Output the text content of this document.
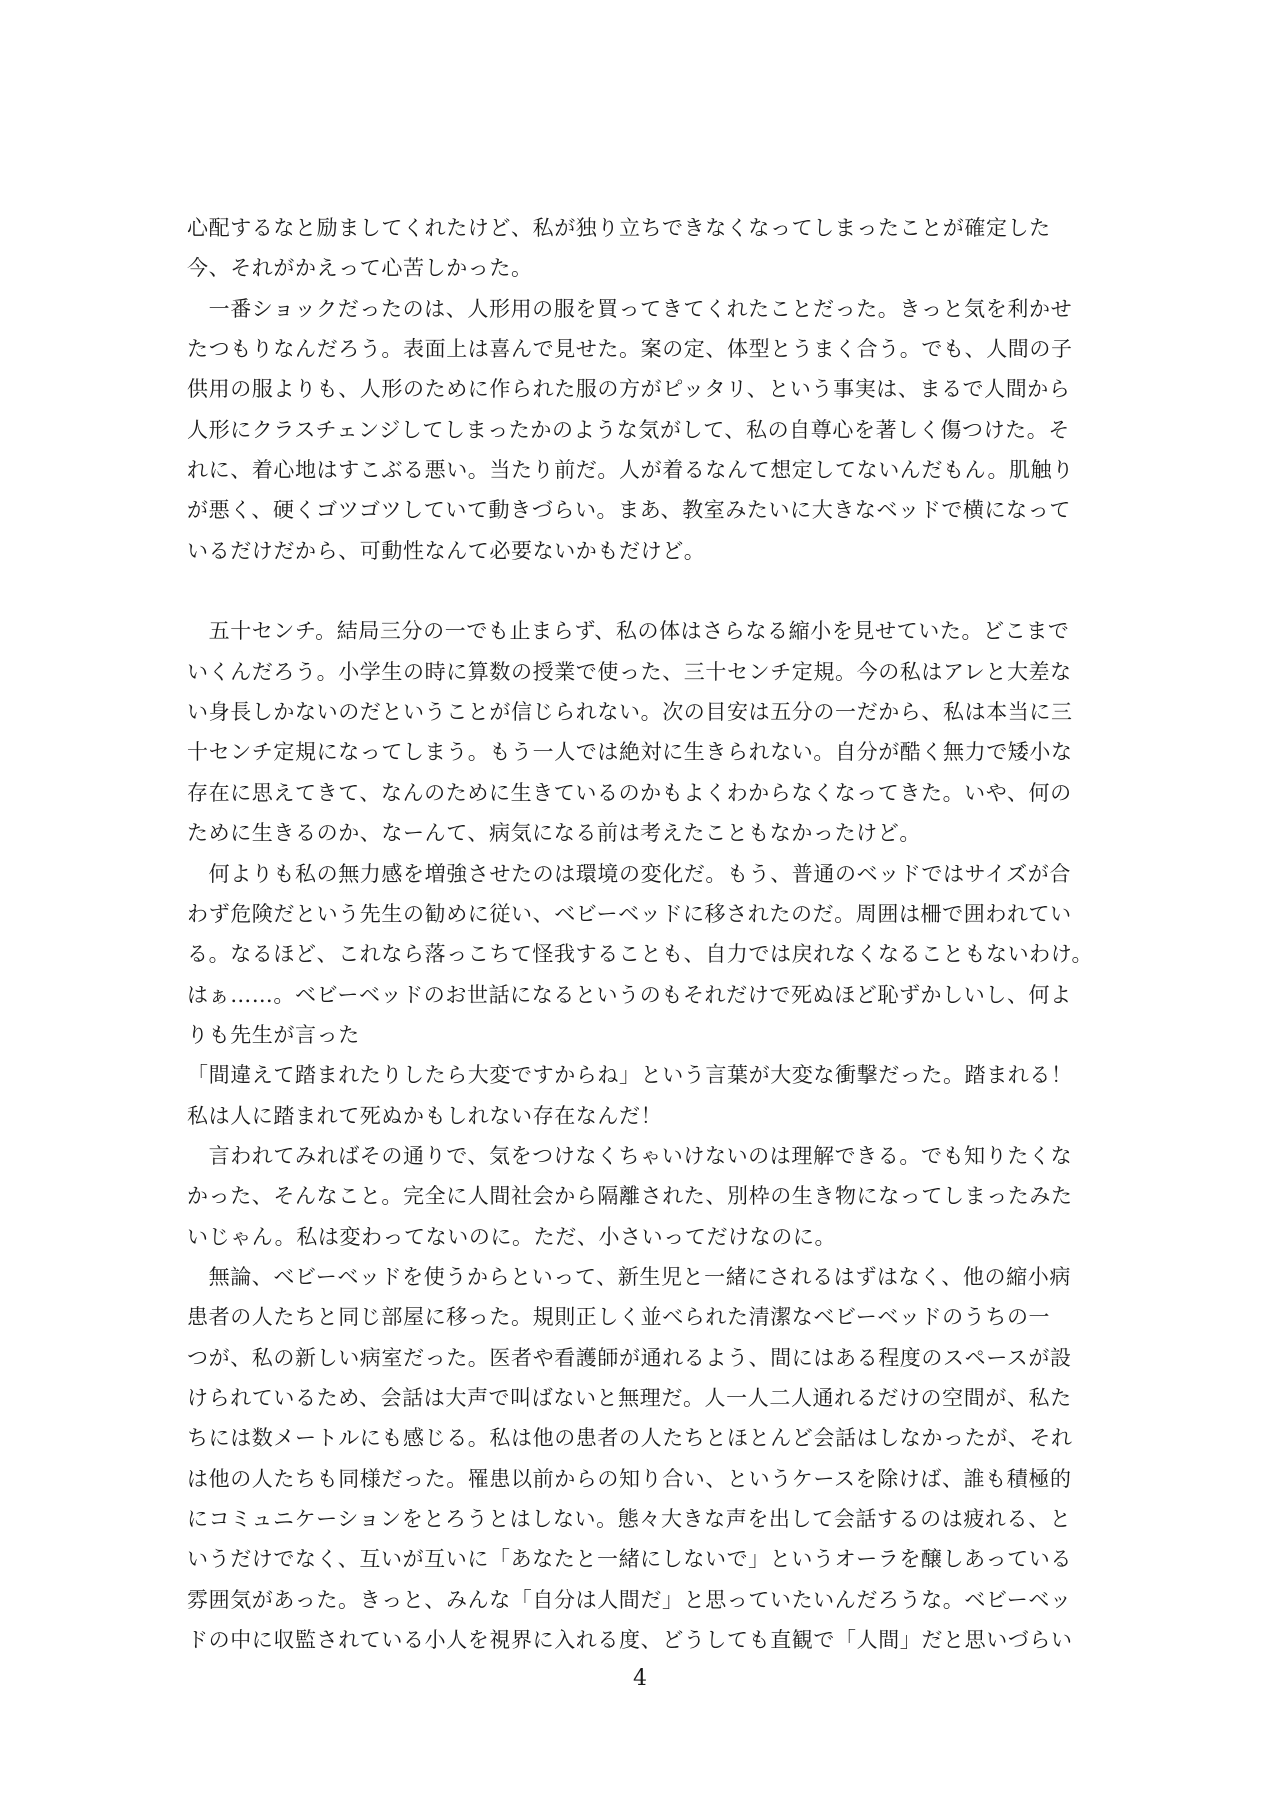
心配するなと励ましてくれたけど、私が独り立ちできなくなってしまったことが確定した
今、それがかえって心苦しかった。
　一番ショックだったのは、人形用の服を買ってきてくれたことだった。きっと気を利かせ
たつもりなんだろう。表面上は喜んで見せた。案の定、体型とうまく合う。でも、人間の子
供用の服よりも、人形のために作られた服の方がピッタリ、という事実は、まるで人間から
人形にクラスチェンジしてしまったかのような気がして、私の自尊心を著しく傷つけた。そ
れに、着心地はすこぶる悪い。当たり前だ。人が着るなんて想定してないんだもん。肌触り
が悪く、硬くゴツゴツしていて動きづらい。まあ、教室みたいに大きなベッドで横になって
いるだけだから、可動性なんて必要ないかもだけど。
　五十センチ。結局三分の一でも止まらず、私の体はさらなる縮小を見せていた。どこまで
いくんだろう。小学生の時に算数の授業で使った、三十センチ定規。今の私はアレと大差な
い身長しかないのだということが信じられない。次の目安は五分の一だから、私は本当に三
十センチ定規になってしまう。もう一人では絶対に生きられない。自分が酷く無力で矮小な
存在に思えてきて、なんのために生きているのかもよくわからなくなってきた。いや、何の
ために生きるのか、なーんて、病気になる前は考えたこともなかったけど。
　何よりも私の無力感を増強させたのは環境の変化だ。もう、普通のベッドではサイズが合
わず危険だという先生の勧めに従い、ベビーベッドに移されたのだ。周囲は柵で囲われてい
る。なるほど、これなら落っこちて怪我することも、自力では戻れなくなることもないわけ。
はぁ……。ベビーベッドのお世話になるというのもそれだけで死ぬほど恥ずかしいし、何よ
りも先生が言った
「間違えて踏まれたりしたら大変ですからね」という言葉が大変な衝撃だった。踏まれる！
私は人に踏まれて死ぬかもしれない存在なんだ！
　言われてみればその通りで、気をつけなくちゃいけないのは理解できる。でも知りたくな
かった、そんなこと。完全に人間社会から隔離された、別枠の生き物になってしまったみた
いじゃん。私は変わってないのに。ただ、小さいってだけなのに。
　無論、ベビーベッドを使うからといって、新生児と一緒にされるはずはなく、他の縮小病
患者の人たちと同じ部屋に移った。規則正しく並べられた清潔なベビーベッドのうちの一
つが、私の新しい病室だった。医者や看護師が通れるよう、間にはある程度のスペースが設
けられているため、会話は大声で叫ばないと無理だ。人一人二人通れるだけの空間が、私た
ちには数メートルにも感じる。私は他の患者の人たちとほとんど会話はしなかったが、それ
は他の人たちも同様だった。罹患以前からの知り合い、というケースを除けば、誰も積極的
にコミュニケーションをとろうとはしない。態々大きな声を出して会話するのは疲れる、と
いうだけでなく、互いが互いに「あなたと一緒にしないで」というオーラを醸しあっている
雰囲気があった。きっと、みんな「自分は人間だ」と思っていたいんだろうな。ベビーベッ
ドの中に収監されている小人を視界に入れる度、どうしても直観で「人間」だと思いづらい
4
